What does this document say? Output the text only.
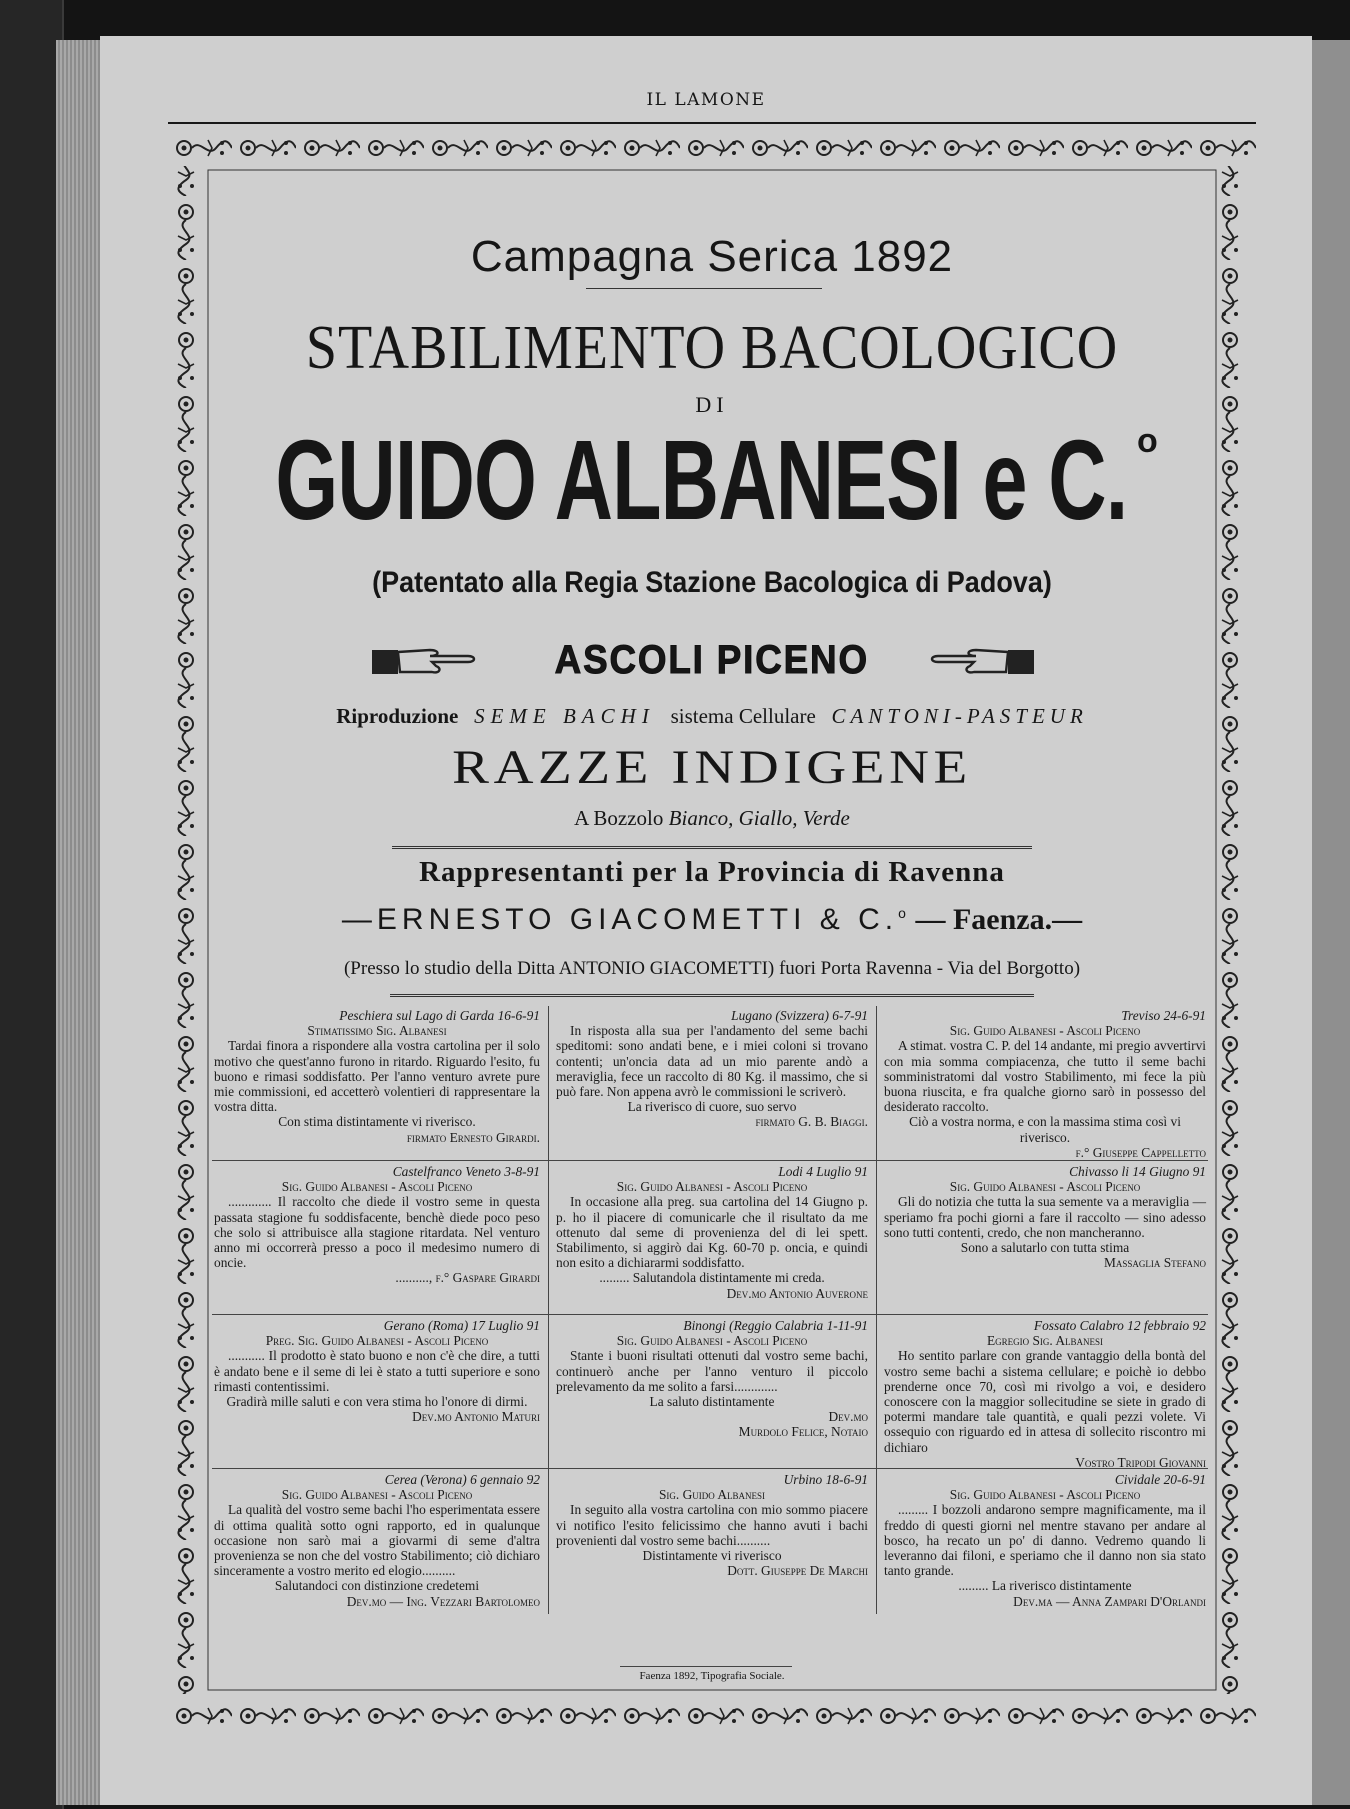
IL LAMONE
Campagna Serica 1892
STABILIMENTO BACOLOGICO
DI
GUIDO ALBANESI e C. $^o$
(Patentato alla Regia Stazione Bacologica di Padova)
ASCOLI PICENO
Riproduzione SEME BACHI sistema Cellulare CANTONI-PASTEUR
RAZZE INDIGENE
A Bozzolo Bianco, Giallo, Verde
Rappresentanti per la Provincia di Ravenna
—ERNESTO GIACOMETTI & C.$^o$ — Faenza.—
(Presso lo studio della Ditta ANTONIO GIACOMETTI) fuori Porta Ravenna - Via del Borgotto)
Peschiera sul Lago di Garda 16-6-91
Stimatissimo Sig. Albanesi
Tardai finora a rispondere alla vostra cartolina per il solo motivo che quest'anno furono in ritardo. Riguardo l'esito, fu buono e rimasi soddisfatto. Per l'anno venturo avrete pure mie commissioni, ed accetterò volentieri di rappresentare la vostra ditta.
Con stima distintamente vi riverisco.
firmato Ernesto Girardi.
Lugano (Svizzera) 6-7-91
In risposta alla sua per l'andamento del seme bachi speditomi: sono andati bene, e i miei coloni si trovano contenti; un'oncia data ad un mio parente andò a meraviglia, fece un raccolto di 80 Kg. il massimo, che si può fare. Non appena avrò le commissioni le scriverò.
La riverisco di cuore, suo servo
firmato G. B. Biaggi.
Treviso 24-6-91
Sig. Guido Albanesi - Ascoli Piceno
A stimat. vostra C. P. del 14 andante, mi pregio avvertirvi con mia somma compiacenza, che tutto il seme bachi somministratomi dal vostro Stabilimento, mi fece la più buona riuscita, e fra qualche giorno sarò in possesso del desiderato raccolto.
Ciò a vostra norma, e con la massima stima così vi riverisco.
f.° Giuseppe Cappelletto
Castelfranco Veneto 3-8-91
Sig. Guido Albanesi - Ascoli Piceno
............. Il raccolto che diede il vostro seme in questa passata stagione fu soddisfacente, benchè diede poco peso che solo si attribuisce alla stagione ritardata. Nel venturo anno mi occorrerà presso a poco il medesimo numero di oncie.
.........., f.° Gaspare Girardi
Lodi 4 Luglio 91
Sig. Guido Albanesi - Ascoli Piceno
In occasione alla preg. sua cartolina del 14 Giugno p. p. ho il piacere di comunicarle che il risultato da me ottenuto dal seme di provenienza del di lei spett. Stabilimento, si aggirò dai Kg. 60-70 p. oncia, e quindi non esito a dichiararmi soddisfatto.
......... Salutandola distintamente mi creda.
Dev.mo Antonio Auverone
Chivasso li 14 Giugno 91
Sig. Guido Albanesi - Ascoli Piceno
Gli do notizia che tutta la sua semente va a meraviglia — speriamo fra pochi giorni a fare il raccolto — sino adesso sono tutti contenti, credo, che non mancheranno.
Sono a salutarlo con tutta stima
Massaglia Stefano
Gerano (Roma) 17 Luglio 91
Preg. Sig. Guido Albanesi - Ascoli Piceno
........... Il prodotto è stato buono e non c'è che dire, a tutti è andato bene e il seme di lei è stato a tutti superiore e sono rimasti contentissimi.
Gradirà mille saluti e con vera stima ho l'onore di dirmi.
Dev.mo Antonio Maturi
Binongi (Reggio Calabria 1-11-91
Sig. Guido Albanesi - Ascoli Piceno
Stante i buoni risultati ottenuti dal vostro seme bachi, continuerò anche per l'anno venturo il piccolo prelevamento da me solito a farsi.............
La saluto distintamente
Dev.mo
Murdolo Felice, Notaio
Fossato Calabro 12 febbraio 92
Egregio Sig. Albanesi
Ho sentito parlare con grande vantaggio della bontà del vostro seme bachi a sistema cellulare; e poichè io debbo prenderne once 70, così mi rivolgo a voi, e desidero conoscere con la maggior sollecitudine se siete in grado di potermi mandare tale quantità, e quali pezzi volete. Vi ossequio con riguardo ed in attesa di sollecito riscontro mi dichiaro
Vostro Tripodi Giovanni
Cerea (Verona) 6 gennaio 92
Sig. Guido Albanesi - Ascoli Piceno
La qualità del vostro seme bachi l'ho esperimentata essere di ottima qualità sotto ogni rapporto, ed in qualunque occasione non sarò mai a giovarmi di seme d'altra provenienza se non che del vostro Stabilimento; ciò dichiaro sinceramente a vostro merito ed elogio..........
Salutandoci con distinzione credetemi
Dev.mo — Ing. Vezzari Bartolomeo
Urbino 18-6-91
Sig. Guido Albanesi
In seguito alla vostra cartolina con mio sommo piacere vi notifico l'esito felicissimo che hanno avuti i bachi provenienti dal vostro seme bachi..........
Distintamente vi riverisco
Dott. Giuseppe De Marchi
Cividale 20-6-91
Sig. Guido Albanesi - Ascoli Piceno
......... I bozzoli andarono sempre magnificamente, ma il freddo di questi giorni nel mentre stavano per andare al bosco, ha recato un po' di danno. Vedremo quando li leveranno dai filoni, e speriamo che il danno non sia stato tanto grande.
......... La riverisco distintamente
Dev.ma — Anna Zampari D'Orlandi
Faenza 1892, Tipografia Sociale.
